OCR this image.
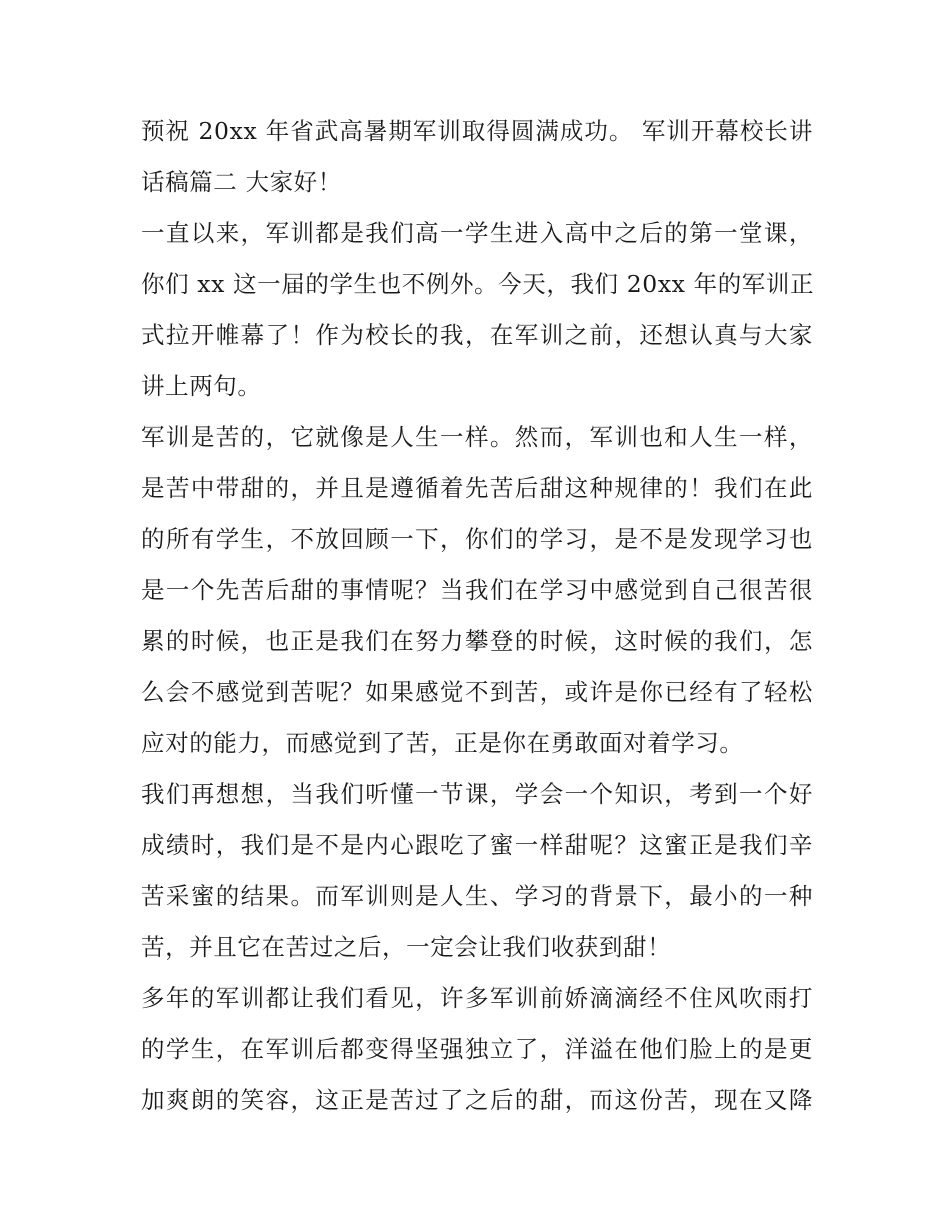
预祝 20xx 年省武高暑期军训取得圆满成功。 军训开幕校长讲
话稿篇二 大家好！
一直以来，军训都是我们高一学生进入高中之后的第一堂课，
你们 xx 这一届的学生也不例外。今天，我们 20xx 年的军训正
式拉开帷幕了！作为校长的我，在军训之前，还想认真与大家
讲上两句。
军训是苦的，它就像是人生一样。然而，军训也和人生一样，
是苦中带甜的，并且是遵循着先苦后甜这种规律的！我们在此
的所有学生，不放回顾一下，你们的学习，是不是发现学习也
是一个先苦后甜的事情呢？当我们在学习中感觉到自己很苦很
累的时候，也正是我们在努力攀登的时候，这时候的我们，怎
么会不感觉到苦呢？如果感觉不到苦，或许是你已经有了轻松
应对的能力，而感觉到了苦，正是你在勇敢面对着学习。
我们再想想，当我们听懂一节课，学会一个知识，考到一个好
成绩时，我们是不是内心跟吃了蜜一样甜呢？这蜜正是我们辛
苦采蜜的结果。而军训则是人生、学习的背景下，最小的一种
苦，并且它在苦过之后，一定会让我们收获到甜！
多年的军训都让我们看见，许多军训前娇滴滴经不住风吹雨打
的学生，在军训后都变得坚强独立了，洋溢在他们脸上的是更
加爽朗的笑容，这正是苦过了之后的甜，而这份苦，现在又降
